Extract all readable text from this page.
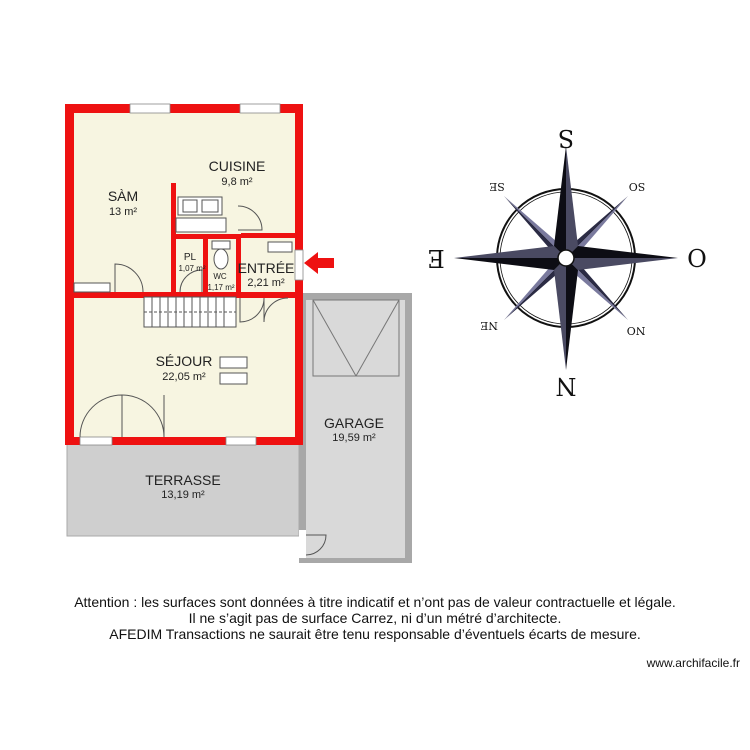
CUISINE
9,8 m²
SÀM
13 m²
PL
1,07 m²
WC
1,17 m²
ENTRÉE
2,21 m²
SÉJOUR
22,05 m²
GARAGE
19,59 m²
TERRASSE
13,19 m²
S
N
E	O
SE	SO
NE	NO
Attention : les surfaces sont données à titre indicatif et n’ont pas de valeur contractuelle et légale.
Il ne s’agit pas de surface Carrez, ni d’un métré d’architecte.
AFEDIM Transactions ne saurait être tenu responsable d’éventuels écarts de mesure.
www.archifacile.fr
